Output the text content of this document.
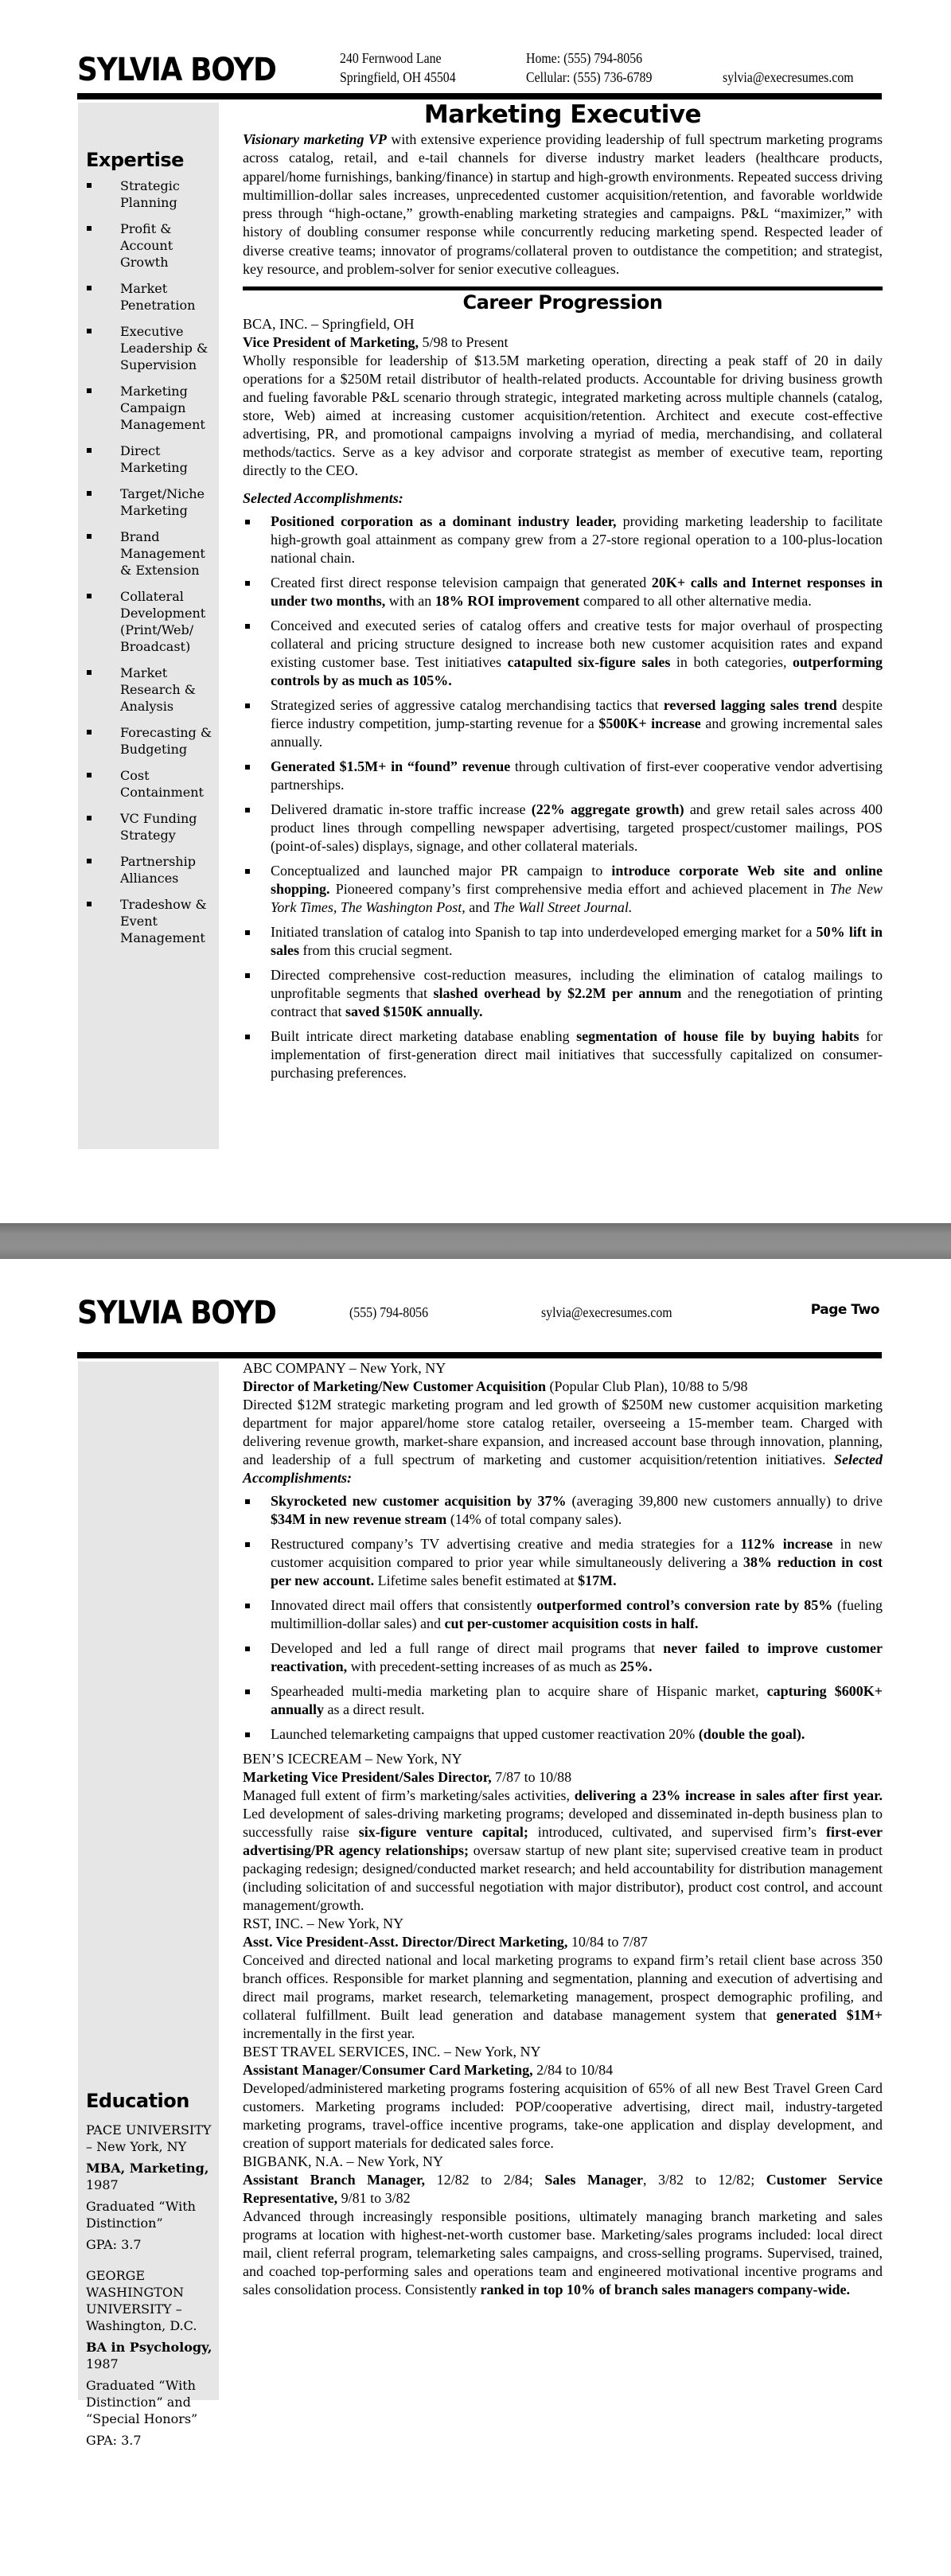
SYLVIA BOYD	240 Fernwood Lane
Springfield, OH 45504
Home: (555) 794-8056
Cellular: (555) 736-6789	sylvia@execresumes.com
Expertise
Strategic Planning
Profit & Account Growth
Market Penetration
Executive Leadership & Supervision
Marketing Campaign Management
Direct Marketing
Target/Niche Marketing
Brand Management & Extension
Collateral Development (Print/Web/ Broadcast)
Market Research & Analysis
Forecasting & Budgeting
Cost Containment
VC Funding Strategy
Partnership Alliances
Tradeshow & Event Management
Marketing Executive

Visionary marketing VP with extensive experience providing leadership of full spectrum marketing programs across catalog, retail, and e-tail channels for diverse industry market leaders (healthcare products, apparel/home furnishings, banking/finance) in startup and high-growth environments. Repeated success driving multimillion-dollar sales increases, unprecedented customer acquisition/retention, and favorable worldwide press through “high-octane,” growth-enabling marketing strategies and campaigns. P&L “maximizer,” with history of doubling consumer response while concurrently reducing marketing spend. Respected leader of diverse creative teams; innovator of programs/collateral proven to outdistance the competition; and strategist, key resource, and problem-solver for senior executive colleagues.

Career Progression
BCA, INC. – Springfield, OH
Vice President of Marketing, 5/98 to Present

Wholly responsible for leadership of $13.5M marketing operation, directing a peak staff of 20 in daily operations for a $250M retail distributor of health-related products. Accountable for driving business growth and fueling favorable P&L scenario through strategic, integrated marketing across multiple channels (catalog, store, Web) aimed at increasing customer acquisition/retention. Architect and execute cost-effective advertising, PR, and promotional campaigns involving a myriad of media, merchandising, and collateral methods/tactics. Serve as a key advisor and corporate strategist as member of executive team, reporting directly to the CEO.

Selected Accomplishments:
Positioned corporation as a dominant industry leader, providing marketing leadership to facilitate high-growth goal attainment as company grew from a 27-store regional operation to a 100-plus-location national chain.
Created first direct response television campaign that generated 20K+ calls and Internet responses in under two months, with an 18% ROI improvement compared to all other alternative media.
Conceived and executed series of catalog offers and creative tests for major overhaul of prospecting collateral and pricing structure designed to increase both new customer acquisition rates and expand existing customer base. Test initiatives catapulted six-figure sales in both categories, outperforming controls by as much as 105%.
Strategized series of aggressive catalog merchandising tactics that reversed lagging sales trend despite fierce industry competition, jump-starting revenue for a $500K+ increase and growing incremental sales annually.
Generated $1.5M+ in “found” revenue through cultivation of first-ever cooperative vendor advertising partnerships.
Delivered dramatic in-store traffic increase (22% aggregate growth) and grew retail sales across 400 product lines through compelling newspaper advertising, targeted prospect/customer mailings, POS (point-of-sales) displays, signage, and other collateral materials.
Conceptualized and launched major PR campaign to introduce corporate Web site and online shopping. Pioneered company’s first comprehensive media effort and achieved placement in The New York Times, The Washington Post, and The Wall Street Journal.
Initiated translation of catalog into Spanish to tap into underdeveloped emerging market for a 50% lift in sales from this crucial segment.
Directed comprehensive cost-reduction measures, including the elimination of catalog mailings to unprofitable segments that slashed overhead by $2.2M per annum and the renegotiation of printing contract that saved $150K annually.
Built intricate direct marketing database enabling segmentation of house file by buying habits for implementation of first-generation direct mail initiatives that successfully capitalized on consumer-purchasing preferences.
SYLVIA BOYD	(555) 794-8056	sylvia@execresumes.com	Page Two
Education
PACE UNIVERSITY – New York, NY
MBA, Marketing, 1987
Graduated “With Distinction”
GPA: 3.7
GEORGE WASHINGTON UNIVERSITY – Washington, D.C.
BA in Psychology, 1987
Graduated “With Distinction” and “Special Honors”
GPA: 3.7
ABC COMPANY – New York, NY
Director of Marketing/New Customer Acquisition (Popular Club Plan), 10/88 to 5/98

Directed $12M strategic marketing program and led growth of $250M new customer acquisition marketing department for major apparel/home store catalog retailer, overseeing a 15-member team. Charged with delivering revenue growth, market-share expansion, and increased account base through innovation, planning, and leadership of a full spectrum of marketing and customer acquisition/retention initiatives. Selected Accomplishments:

Skyrocketed new customer acquisition by 37% (averaging 39,800 new customers annually) to drive $34M in new revenue stream (14% of total company sales).
Restructured company’s TV advertising creative and media strategies for a 112% increase in new customer acquisition compared to prior year while simultaneously delivering a 38% reduction in cost per new account. Lifetime sales benefit estimated at $17M.
Innovated direct mail offers that consistently outperformed control’s conversion rate by 85% (fueling multimillion-dollar sales) and cut per-customer acquisition costs in half.
Developed and led a full range of direct mail programs that never failed to improve customer reactivation, with precedent-setting increases of as much as 25%.
Spearheaded multi-media marketing plan to acquire share of Hispanic market, capturing $600K+ annually as a direct result.
Launched telemarketing campaigns that upped customer reactivation 20% (double the goal).
BEN’S ICECREAM – New York, NY
Marketing Vice President/Sales Director, 7/87 to 10/88

Managed full extent of firm’s marketing/sales activities, delivering a 23% increase in sales after first year. Led development of sales-driving marketing programs; developed and disseminated in-depth business plan to successfully raise six-figure venture capital; introduced, cultivated, and supervised firm’s first-ever advertising/PR agency relationships; oversaw startup of new plant site; supervised creative team in product packaging redesign; designed/conducted market research; and held accountability for distribution management (including solicitation of and successful negotiation with major distributor), product cost control, and account management/growth.

RST, INC. – New York, NY
Asst. Vice President-Asst. Director/Direct Marketing, 10/84 to 7/87

Conceived and directed national and local marketing programs to expand firm’s retail client base across 350 branch offices. Responsible for market planning and segmentation, planning and execution of advertising and direct mail programs, market research, telemarketing management, prospect demographic profiling, and collateral fulfillment. Built lead generation and database management system that generated $1M+ incrementally in the first year.

BEST TRAVEL SERVICES, INC. – New York, NY
Assistant Manager/Consumer Card Marketing, 2/84 to 10/84

Developed/administered marketing programs fostering acquisition of 65% of all new Best Travel Green Card customers. Marketing programs included: POP/cooperative advertising, direct mail, industry-targeted marketing programs, travel-office incentive programs, take-one application and display development, and creation of support materials for dedicated sales force.

BIGBANK, N.A. – New York, NY
Assistant Branch Manager, 12/82 to 2/84; Sales Manager, 3/82 to 12/82; Customer Service Representative, 9/81 to 3/82

Advanced through increasingly responsible positions, ultimately managing branch marketing and sales programs at location with highest-net-worth customer base. Marketing/sales programs included: local direct mail, client referral program, telemarketing sales campaigns, and cross-selling programs. Supervised, trained, and coached top-performing sales and operations team and engineered motivational incentive programs and sales consolidation process. Consistently ranked in top 10% of branch sales managers company-wide.
